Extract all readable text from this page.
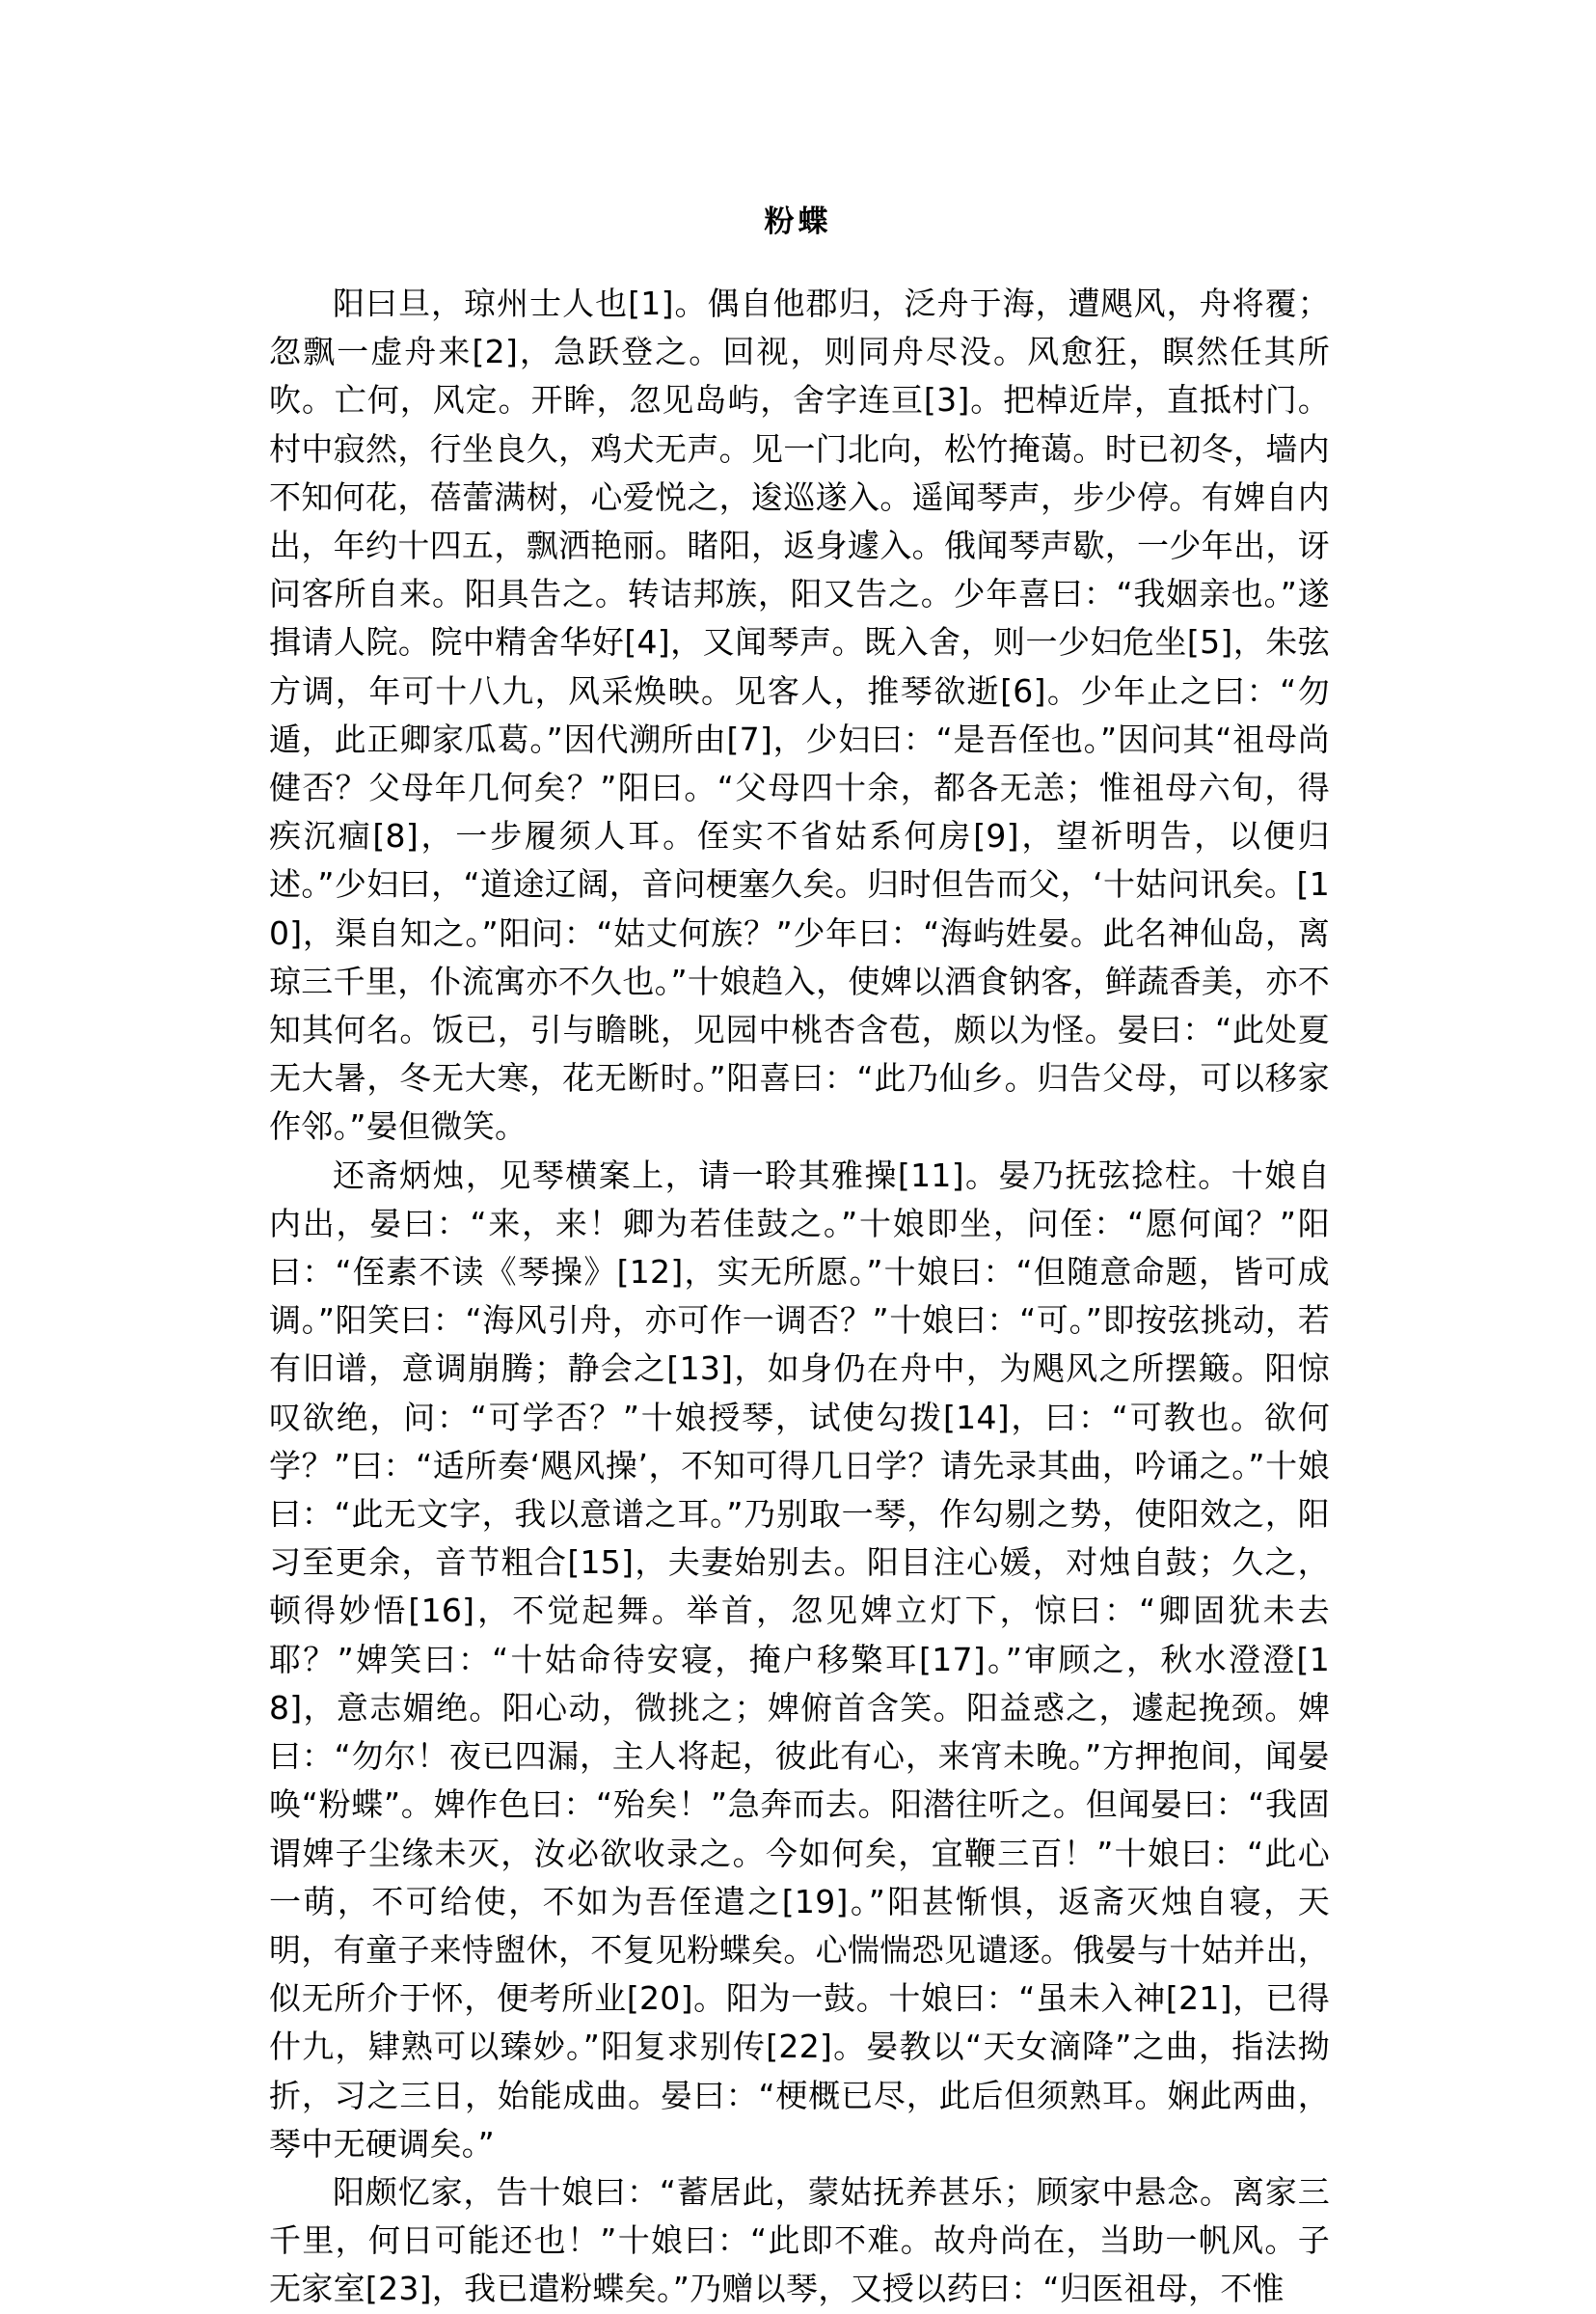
粉蝶

阳曰旦，琼州士人也[1]。偶自他郡归，泛舟于海，遭飓风，舟将覆；忽飘一虚舟来[2]，急跃登之。回视，则同舟尽没。风愈狂，瞑然任其所吹。亡何，风定。开眸，忽见岛屿，舍字连亘[3]。把棹近岸，直抵村门。村中寂然，行坐良久，鸡犬无声。见一门北向，松竹掩蔼。时已初冬，墙内不知何花，蓓蕾满树，心爱悦之，逡巡遂入。遥闻琴声，步少停。有婢自内出，年约十四五，飘洒艳丽。睹阳，返身遽入。俄闻琴声歇，一少年出，讶问客所自来。阳具告之。转诘邦族，阳又告之。少年喜曰：“我姻亲也。”遂揖请人院。院中精舍华好[4]，又闻琴声。既入舍，则一少妇危坐[5]，朱弦方调，年可十八九，风采焕映。见客人，推琴欲逝[6]。少年止之曰：“勿遁，此正卿家瓜葛。”因代溯所由[7]，少妇曰：“是吾侄也。”因问其“祖母尚健否？父母年几何矣？”阳曰。“父母四十余，都各无恙；惟祖母六旬，得疾沉痼[8]，一步履须人耳。侄实不省姑系何房[9]，望祈明告，以便归述。”少妇曰，“道途辽阔，音问梗塞久矣。归时但告而父，‘十姑问讯矣。[10]，渠自知之。”阳问：“姑丈何族？”少年曰：“海屿姓晏。此名神仙岛，离琼三千里，仆流寓亦不久也。”十娘趋入，使婢以酒食钠客，鲜蔬香美，亦不知其何名。饭已，引与瞻眺，见园中桃杏含苞，颇以为怪。晏曰：“此处夏无大暑，冬无大寒，花无断时。”阳喜曰：“此乃仙乡。归告父母，可以移家作邻。”晏但微笑。

还斋炳烛，见琴横案上，请一聆其雅操[11]。晏乃抚弦捻柱。十娘自内出，晏曰：“来，来！卿为若佳鼓之。”十娘即坐，问侄：“愿何闻？”阳曰：“侄素不读《琴操》[12]，实无所愿。”十娘曰：“但随意命题，皆可成调。”阳笑曰：“海风引舟，亦可作一调否？”十娘曰：“可。”即按弦挑动，若有旧谱，意调崩腾；静会之[13]，如身仍在舟中，为飓风之所摆簸。阳惊叹欲绝，问：“可学否？”十娘授琴，试使勾拨[14]，曰：“可教也。欲何学？”曰：“适所奏‘飓风操’，不知可得几日学？请先录其曲，吟诵之。”十娘曰：“此无文字，我以意谱之耳。”乃别取一琴，作勾剔之势，使阳效之，阳习至更余，音节粗合[15]，夫妻始别去。阳目注心媛，对烛自鼓；久之，顿得妙悟[16]，不觉起舞。举首，忽见婢立灯下，惊曰：“卿固犹未去耶？”婢笑曰：“十姑命待安寝，掩户移檠耳[17]。”审顾之，秋水澄澄[18]，意志媚绝。阳心动，微挑之；婢俯首含笑。阳益惑之，遽起挽颈。婢曰：“勿尔！夜已四漏，主人将起，彼此有心，来宵未晚。”方押抱间，闻晏唤“粉蝶”。婢作色曰：“殆矣！”急奔而去。阳潜往听之。但闻晏曰：“我固谓婢子尘缘未灭，汝必欲收录之。今如何矣，宜鞭三百！”十娘曰：“此心一萌，不可给使，不如为吾侄遣之[19]。”阳甚惭惧，返斋灭烛自寝，天明，有童子来恃盥休，不复见粉蝶矣。心惴惴恐见谴逐。俄晏与十姑并出，似无所介于怀，便考所业[20]。阳为一鼓。十娘曰：“虽未入神[21]，已得什九，肄熟可以臻妙。”阳复求别传[22]。晏教以“天女滴降”之曲，指法拗折，习之三日，始能成曲。晏曰：“梗概已尽，此后但须熟耳。娴此两曲，琴中无硬调矣。”

阳颇忆家，告十娘曰：“蓄居此，蒙姑抚养甚乐；顾家中悬念。离家三千里，何日可能还也！”十娘曰：“此即不难。故舟尚在，当助一帆风。子无家室[23]，我已遣粉蝶矣。”乃赠以琴，又授以药曰：“归医祖母，不惟
